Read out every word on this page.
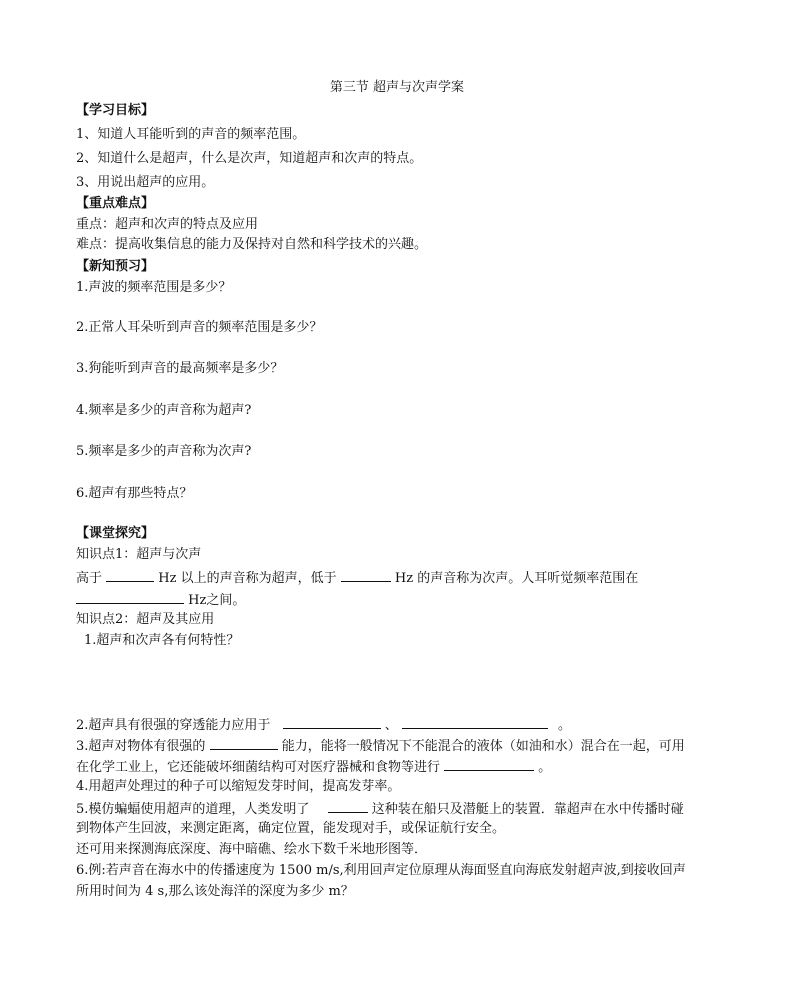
第三节 超声与次声学案
【学习目标】
1、知道人耳能听到的声音的频率范围。
2、知道什么是超声，什么是次声，知道超声和次声的特点。
3、用说出超声的应用。
【重点难点】
重点：超声和次声的特点及应用
难点：提高收集信息的能力及保持对自然和科学技术的兴趣。
【新知预习】
1.声波的频率范围是多少？
2.正常人耳朵听到声音的频率范围是多少？
3.狗能听到声音的最高频率是多少？
4.频率是多少的声音称为超声?
5.频率是多少的声音称为次声?
6.超声有那些特点？
【课堂探究】
知识点1：超声与次声
高于	Hz 以上的声音称为超声，低于	Hz 的声音称为次声。人耳听觉频率范围在
Hz之间。
知识点2：超声及其应用
1.超声和次声各有何特性？
2.超声具有很强的穿透能力应用于	、	。
3.超声对物体有很强的	能力，能将一般情况下不能混合的液体（如油和水）混合在一起，可用
在化学工业上，它还能破坏细菌结构可对医疗器械和食物等进行	。
4.用超声处理过的种子可以缩短发芽时间，提高发芽率。
5.模仿蝙蝠使用超声的道理，人类发明了	这种装在船只及潜艇上的装置．靠超声在水中传播时碰
到物体产生回波，来测定距离，确定位置，能发现对手，或保证航行安全。
还可用来探测海底深度、海中暗礁、绘水下数千米地形图等．
6.例:若声音在海水中的传播速度为 1500 m/s,利用回声定位原理从海面竖直向海底发射超声波,到接收回声
所用时间为 4 s,那么该处海洋的深度为多少 m？
